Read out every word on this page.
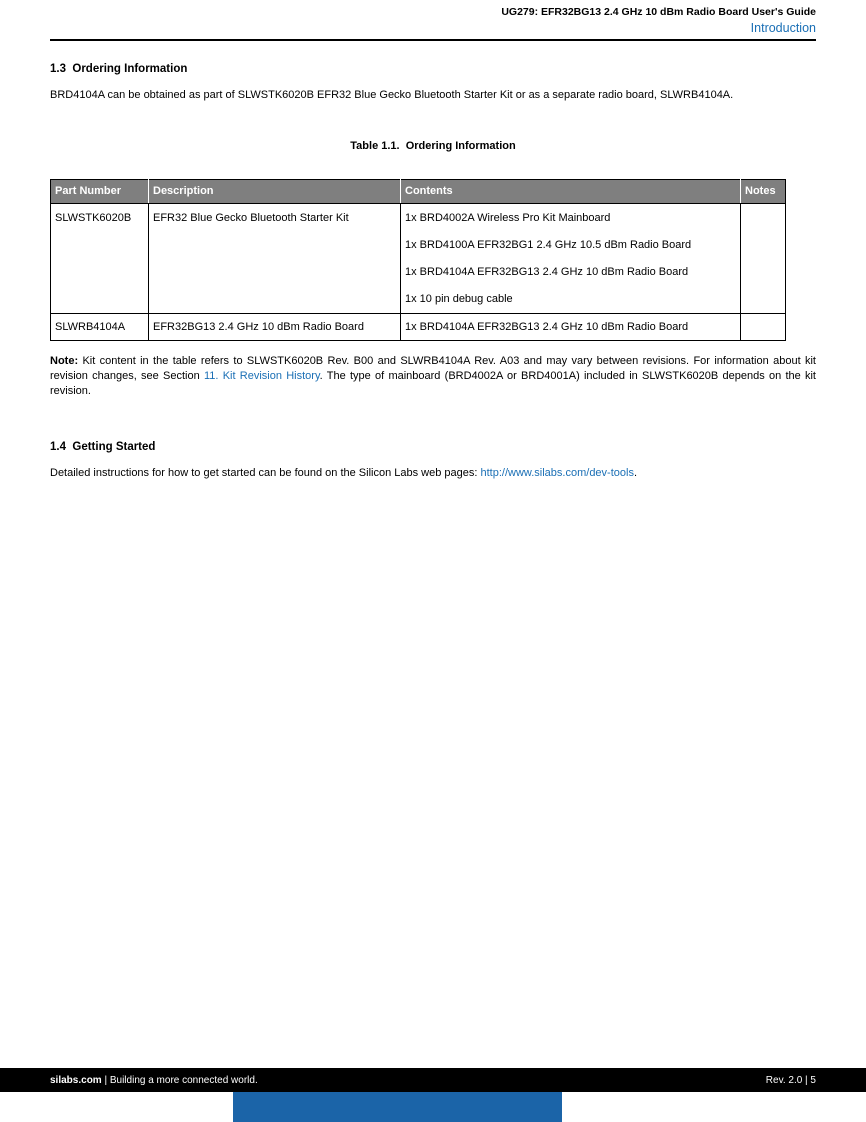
UG279: EFR32BG13 2.4 GHz 10 dBm Radio Board User's Guide
Introduction
1.3  Ordering Information

BRD4104A can be obtained as part of SLWSTK6020B EFR32 Blue Gecko Bluetooth Starter Kit or as a separate radio board, SLWRB4104A.

Table 1.1.  Ordering Information
Part Number	Description	Contents	Notes
SLWSTK6020B	EFR32 Blue Gecko Bluetooth Starter Kit	1x BRD4002A Wireless Pro Kit Mainboard
1x BRD4100A EFR32BG1 2.4 GHz 10.5 dBm Radio Board
1x BRD4104A EFR32BG13 2.4 GHz 10 dBm Radio Board
1x 10 pin debug cable	

SLWRB4104A	EFR32BG13 2.4 GHz 10 dBm Radio Board	1x BRD4104A EFR32BG13 2.4 GHz 10 dBm Radio Board	

Note: Kit content in the table refers to SLWSTK6020B Rev. B00 and SLWRB4104A Rev. A03 and may vary between revisions. For information about kit revision changes, see Section 11. Kit Revision History. The type of mainboard (BRD4002A or BRD4001A) included in SLWSTK6020B depends on the kit revision.

1.4  Getting Started

Detailed instructions for how to get started can be found on the Silicon Labs web pages: http://www.silabs.com/dev-tools.

silabs.com | Building a more connected world.	Rev. 2.0 | 5
